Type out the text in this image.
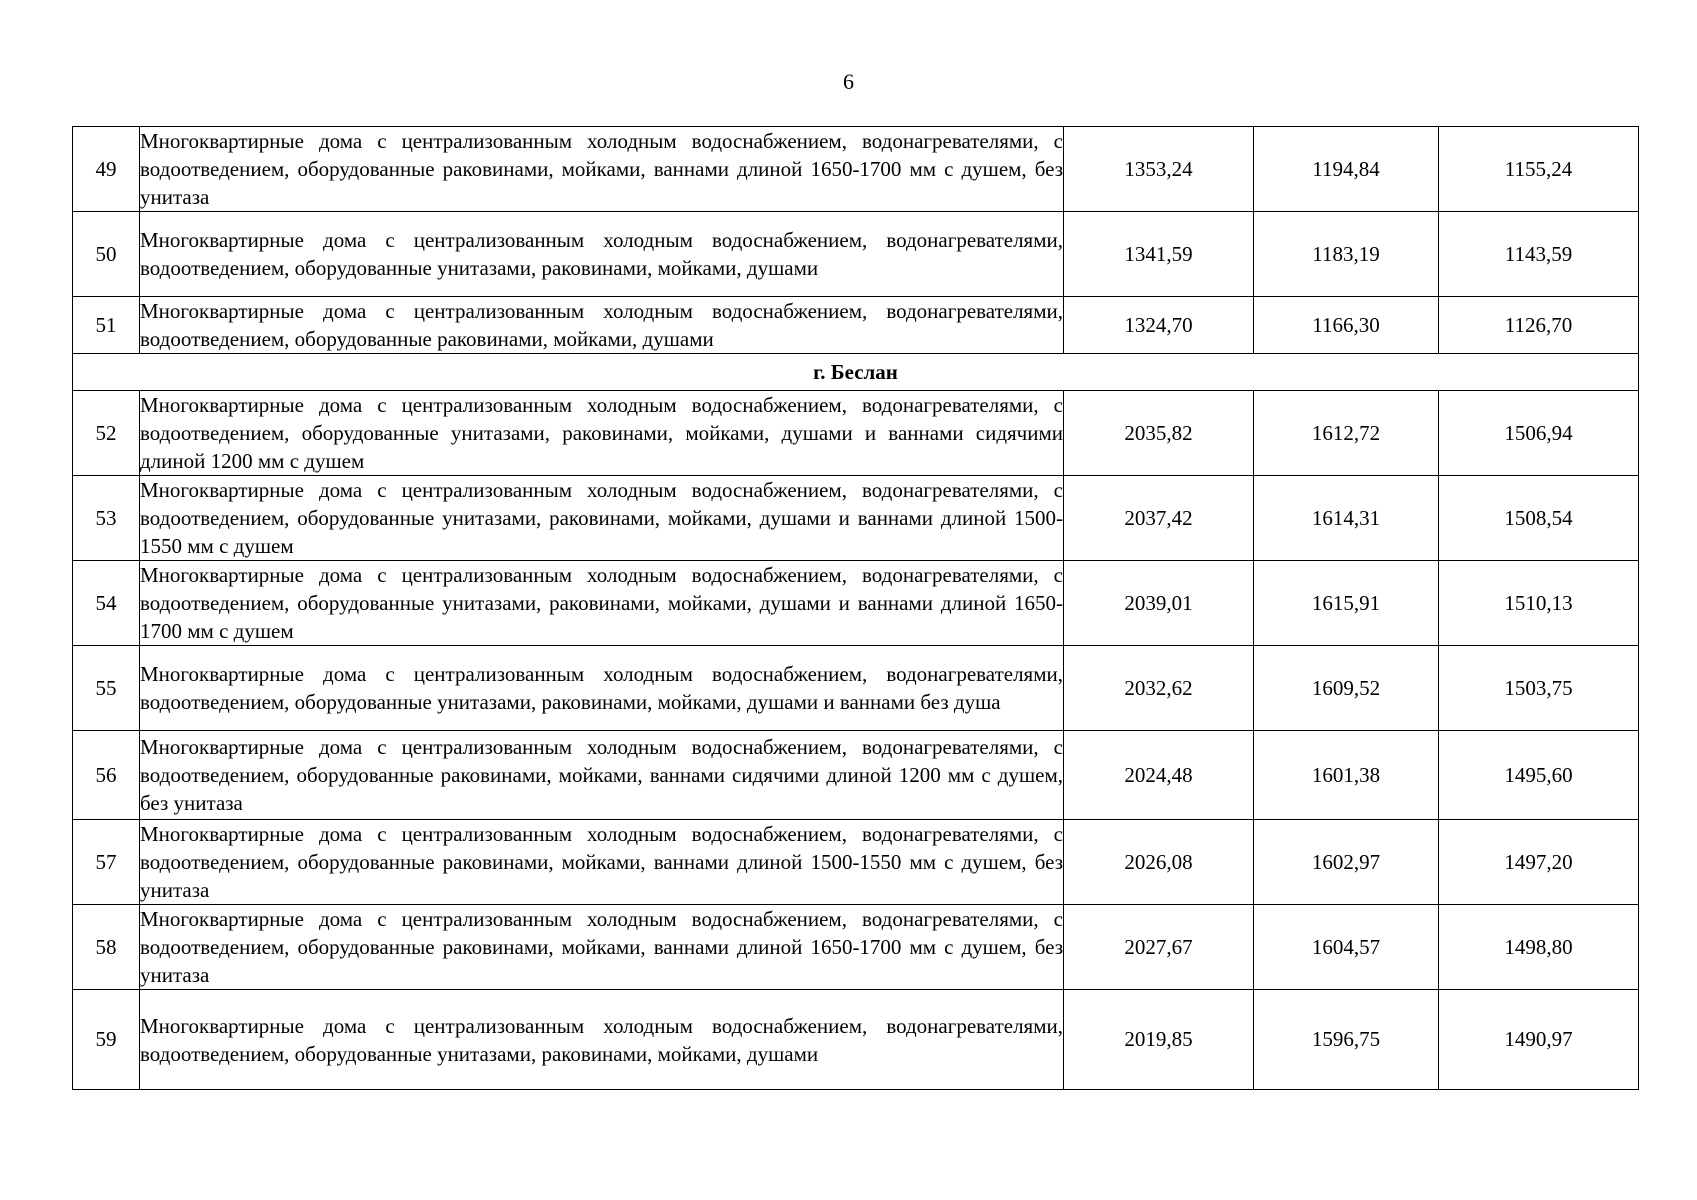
6
49	Многоквартирные дома с централизованным холодным водоснабжением, водонагревателями, с водоотведением, оборудованные раковинами, мойками, ваннами длиной 1650-1700 мм с душем, без унитаза	1353,24	1194,84	1155,24
50	Многоквартирные дома с централизованным холодным водоснабжением, водонагревателями, водоотведением, оборудованные унитазами, раковинами, мойками, душами	1341,59	1183,19	1143,59
51	Многоквартирные дома с централизованным холодным водоснабжением, водонагревателями, водоотведением, оборудованные раковинами, мойками, душами	1324,70	1166,30	1126,70
г. Беслан				
52	Многоквартирные дома с централизованным холодным водоснабжением, водонагревателями, с водоотведением, оборудованные унитазами, раковинами, мойками, душами и ваннами сидячими длиной 1200 мм с душем	2035,82	1612,72	1506,94
53	Многоквартирные дома с централизованным холодным водоснабжением, водонагревателями, с водоотведением, оборудованные унитазами, раковинами, мойками, душами и ваннами длиной 1500-1550 мм с душем	2037,42	1614,31	1508,54
54	Многоквартирные дома с централизованным холодным водоснабжением, водонагревателями, с водоотведением, оборудованные унитазами, раковинами, мойками, душами и ваннами длиной 1650-1700 мм с душем	2039,01	1615,91	1510,13
55	Многоквартирные дома с централизованным холодным водоснабжением, водонагревателями, водоотведением, оборудованные унитазами, раковинами, мойками, душами и ваннами без душа	2032,62	1609,52	1503,75
56	Многоквартирные дома с централизованным холодным водоснабжением, водонагревателями, с водоотведением, оборудованные раковинами, мойками, ваннами сидячими длиной 1200 мм с душем, без унитаза	2024,48	1601,38	1495,60
57	Многоквартирные дома с централизованным холодным водоснабжением, водонагревателями, с водоотведением, оборудованные раковинами, мойками, ваннами длиной 1500-1550 мм с душем, без унитаза	2026,08	1602,97	1497,20
58	Многоквартирные дома с централизованным холодным водоснабжением, водонагревателями, с водоотведением, оборудованные раковинами, мойками, ваннами длиной 1650-1700 мм с душем, без унитаза	2027,67	1604,57	1498,80
59	Многоквартирные дома с централизованным холодным водоснабжением, водонагревателями, водоотведением, оборудованные унитазами, раковинами, мойками, душами	2019,85	1596,75	1490,97
